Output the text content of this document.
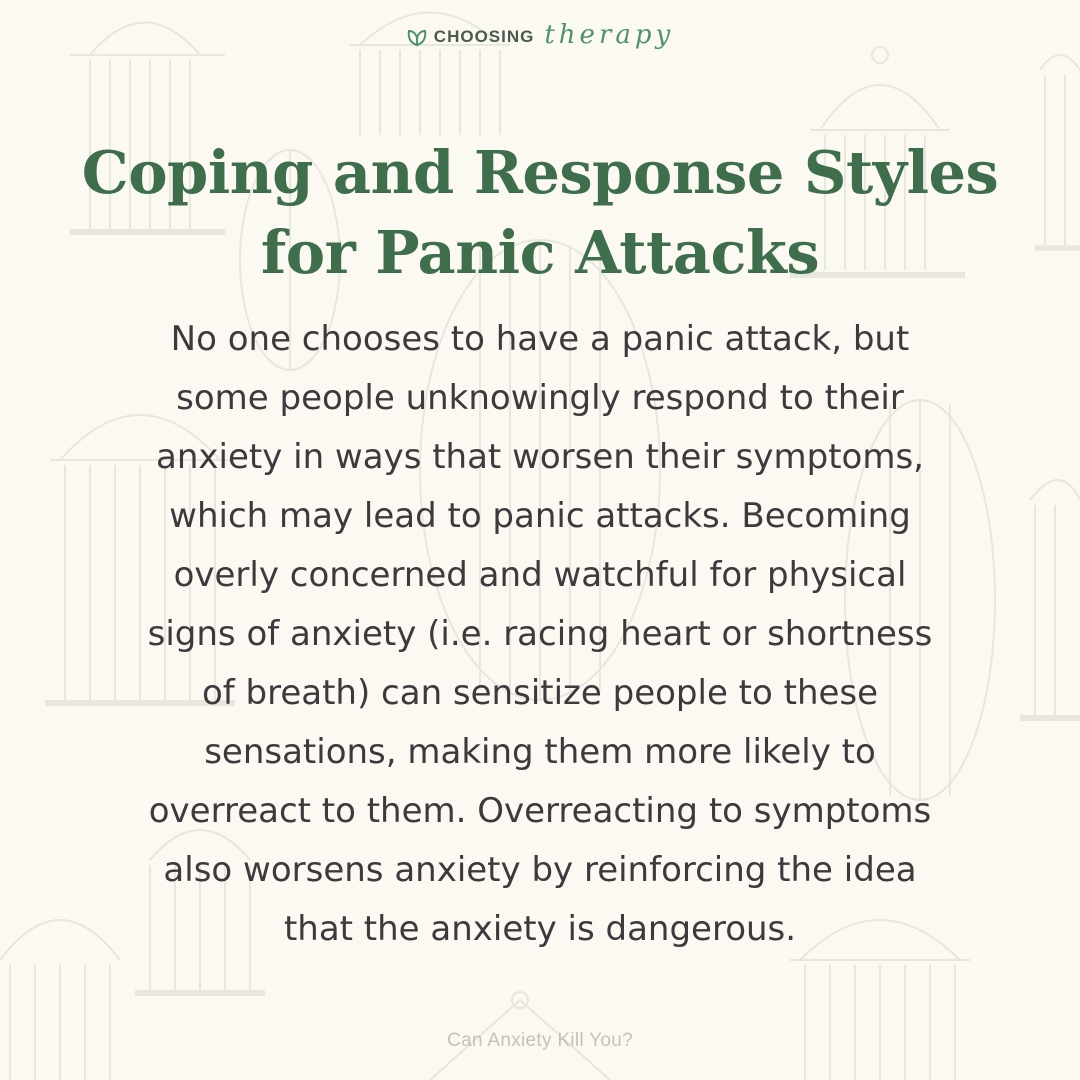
CHOOSING therapy
Coping and Response Styles
for Panic Attacks

No one chooses to have a panic attack, but
some people unknowingly respond to their
anxiety in ways that worsen their symptoms,
which may lead to panic attacks. Becoming
overly concerned and watchful for physical
signs of anxiety (i.e. racing heart or shortness
of breath) can sensitize people to these
sensations, making them more likely to
overreact to them. Overreacting to symptoms
also worsens anxiety by reinforcing the idea
that the anxiety is dangerous.

Can Anxiety Kill You?
